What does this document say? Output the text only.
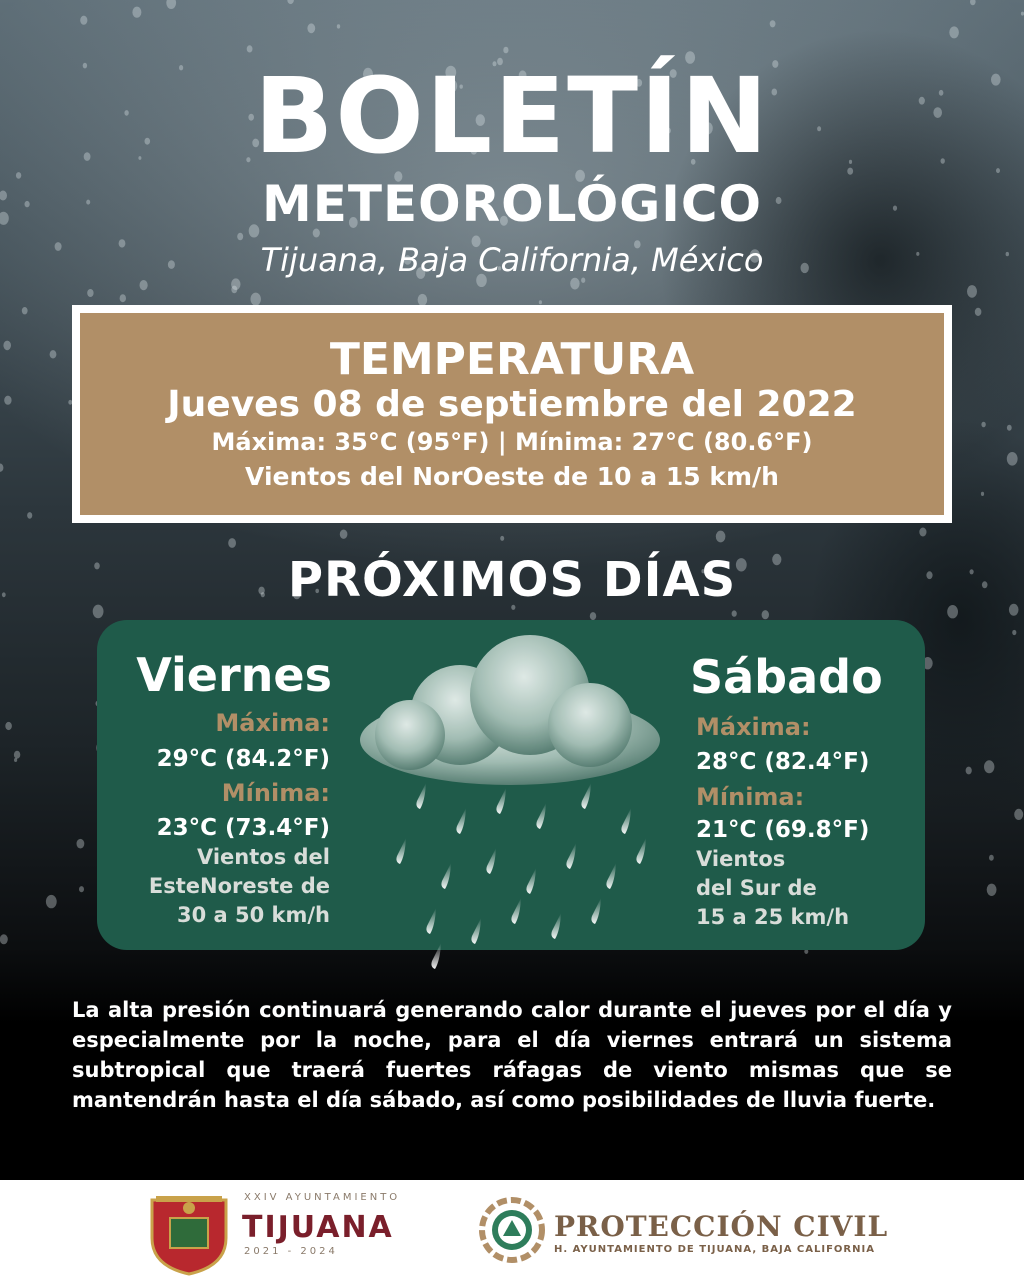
BOLETÍN
METEOROLÓGICO
Tijuana, Baja California, México
TEMPERATURA
Jueves 08 de septiembre del 2022
Máxima: 35°C (95°F) | Mínima: 27°C (80.6°F)
Vientos del NorOeste de 10 a 15 km/h
PRÓXIMOS DÍAS
Viernes
Máxima:
29°C (84.2°F)
Mínima:
23°C (73.4°F)
Vientos del
EsteNoreste de
30 a 50 km/h
Sábado
Máxima:
28°C (82.4°F)
Mínima:
21°C (69.8°F)
Vientos
del Sur de
15 a 25 km/h
La alta presión continuará generando calor durante el jueves por el día y especialmente por la noche, para el día viernes entrará un sistema subtropical que traerá fuertes ráfagas de viento mismas que se mantendrán hasta el día sábado, así como posibilidades de lluvia fuerte.
XXIV AYUNTAMIENTO
TIJUANA
2021 - 2024
PROTECCIÓN CIVIL
H. AYUNTAMIENTO DE TIJUANA, BAJA CALIFORNIA
